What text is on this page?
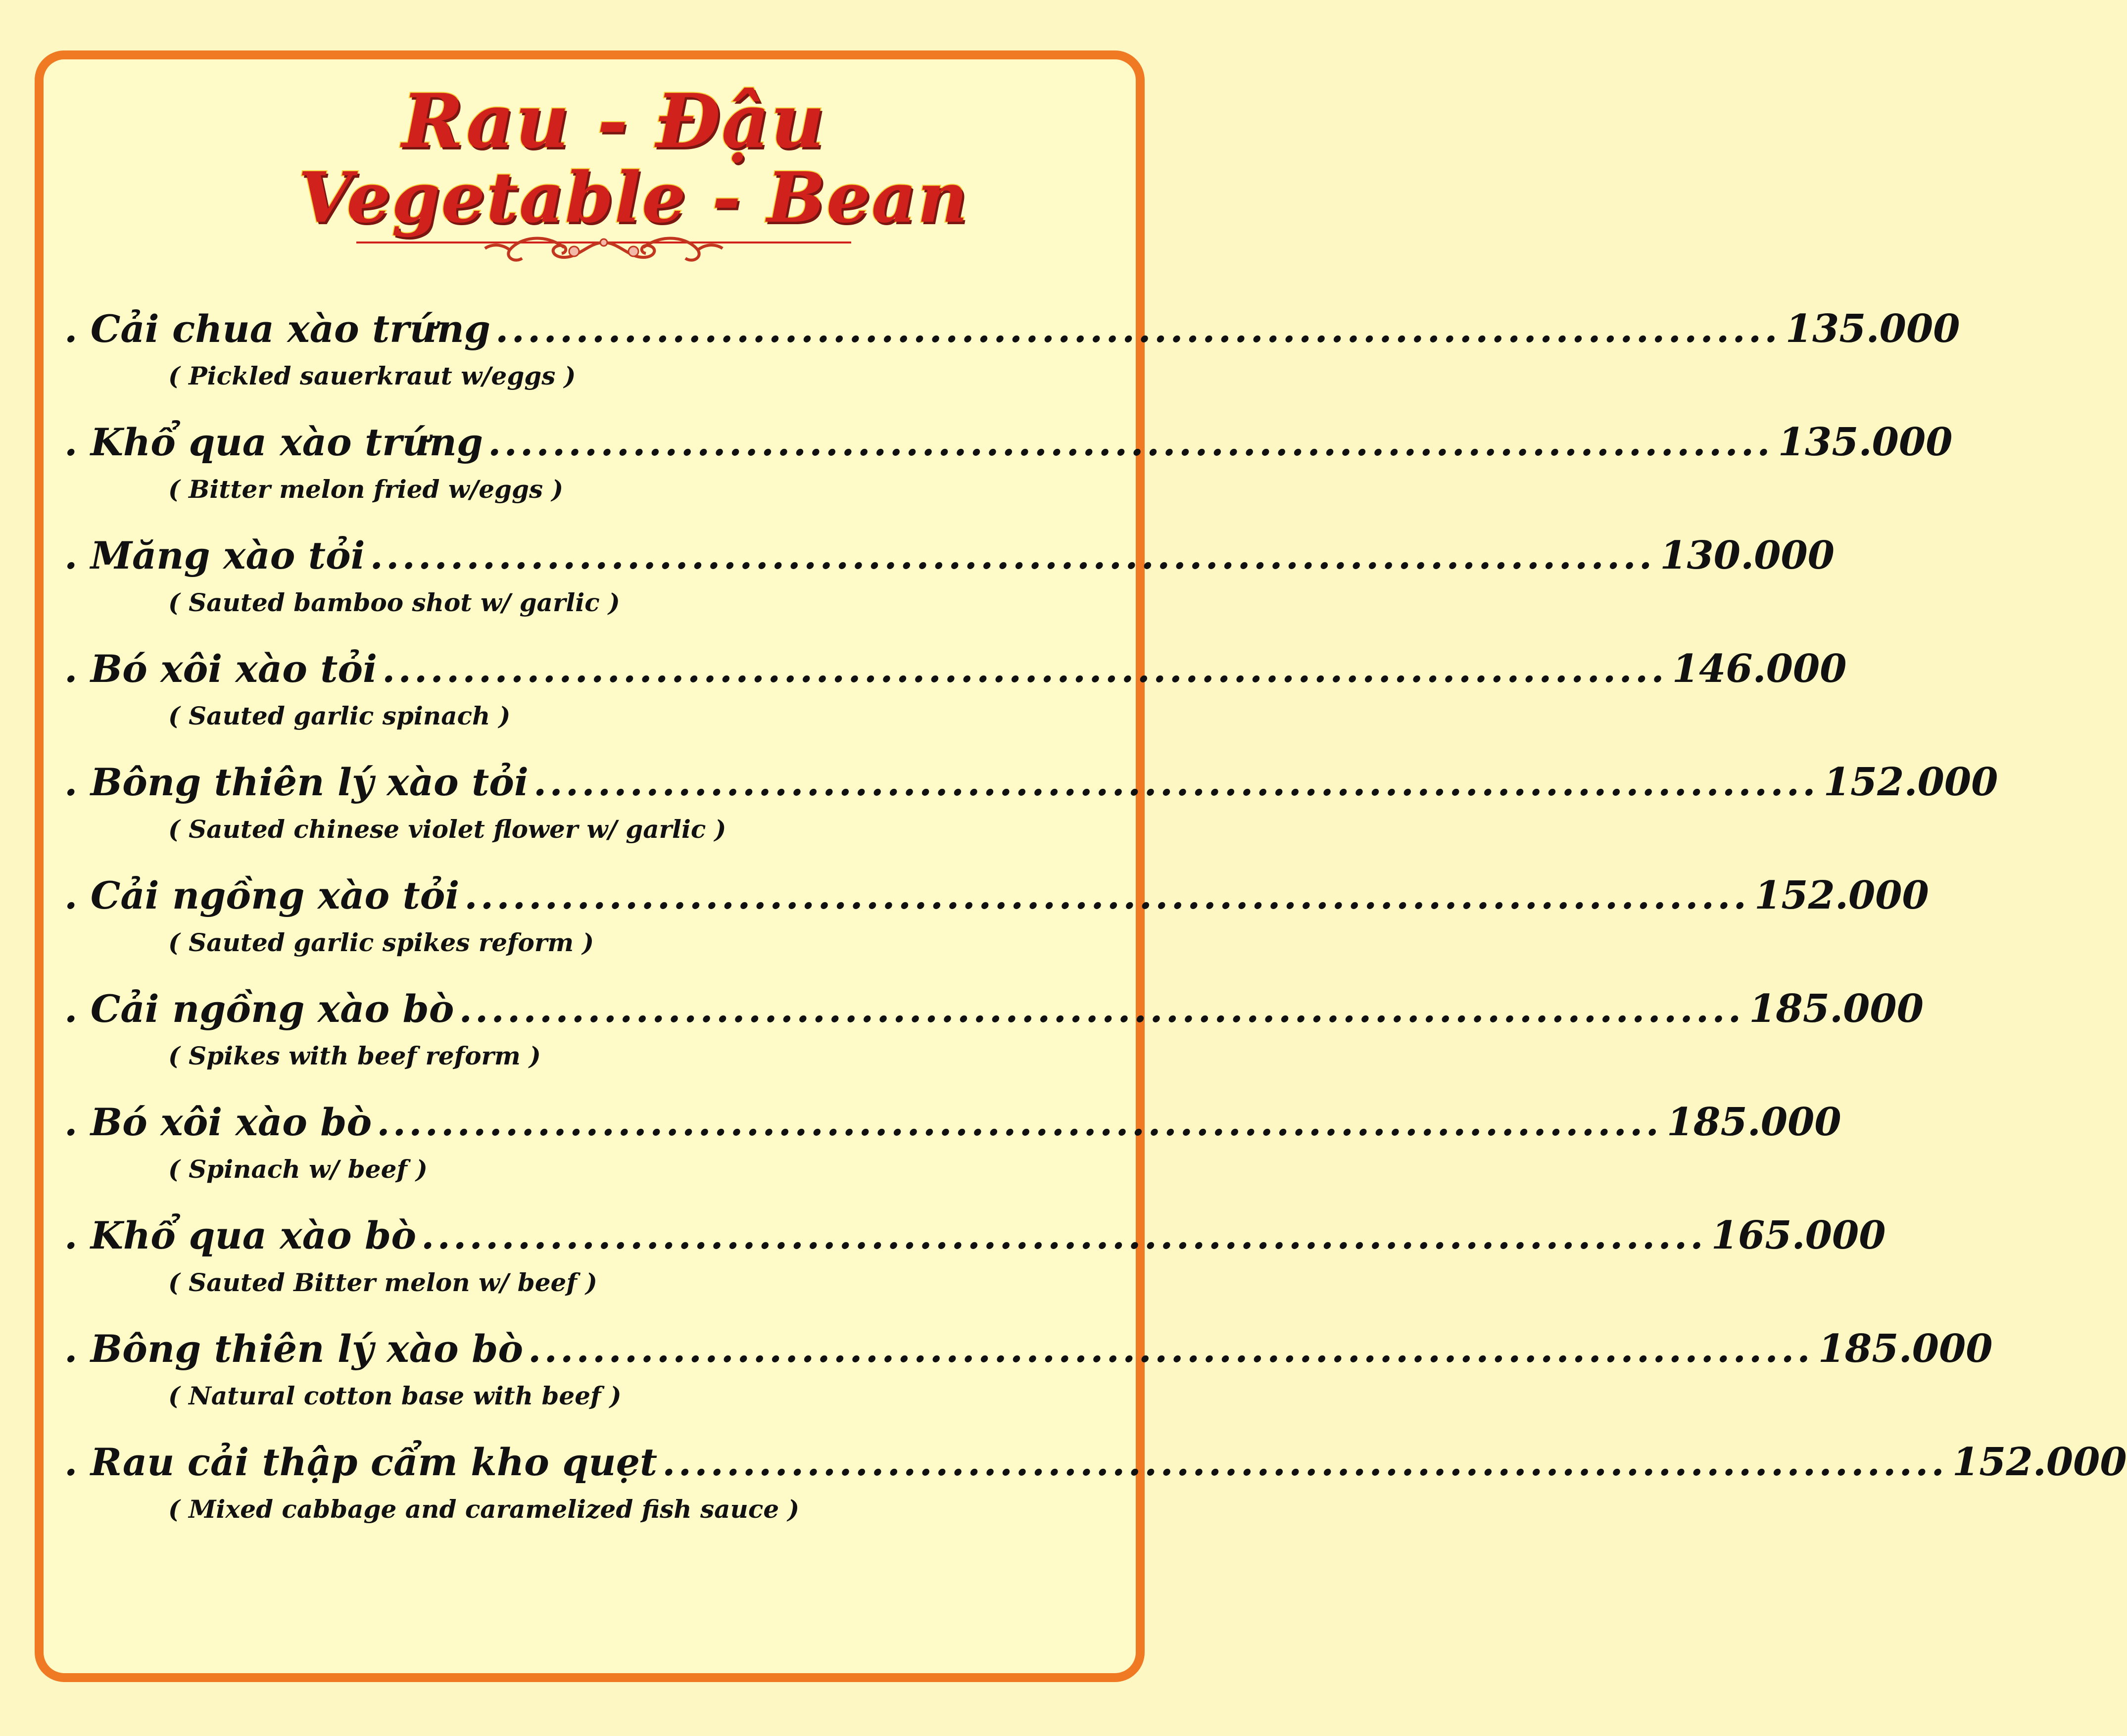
Rau - Đậu
Vegetable - Bean
. Cải chua xào trứng ................................................................................ 135.000
( Pickled sauerkraut w/eggs )
. Khổ qua xào trứng ................................................................................ 135.000
( Bitter melon fried w/eggs )
. Măng xào tỏi ................................................................................ 130.000
( Sauted bamboo shot w/ garlic )
. Bó xôi xào tỏi ................................................................................ 146.000
( Sauted garlic spinach )
. Bông thiên lý xào tỏi ................................................................................ 152.000
( Sauted chinese violet flower w/ garlic )
. Cải ngồng xào tỏi ................................................................................ 152.000
( Sauted garlic spikes reform )
. Cải ngồng xào bò ................................................................................ 185.000
( Spikes with beef reform )
. Bó xôi xào bò ................................................................................ 185.000
( Spinach w/ beef )
. Khổ qua xào bò ................................................................................ 165.000
( Sauted Bitter melon w/ beef )
. Bông thiên lý xào bò ................................................................................ 185.000
( Natural cotton base with beef )
. Rau cải thập cẩm kho quẹt ................................................................................ 152.000
( Mixed cabbage and caramelized fish sauce )
